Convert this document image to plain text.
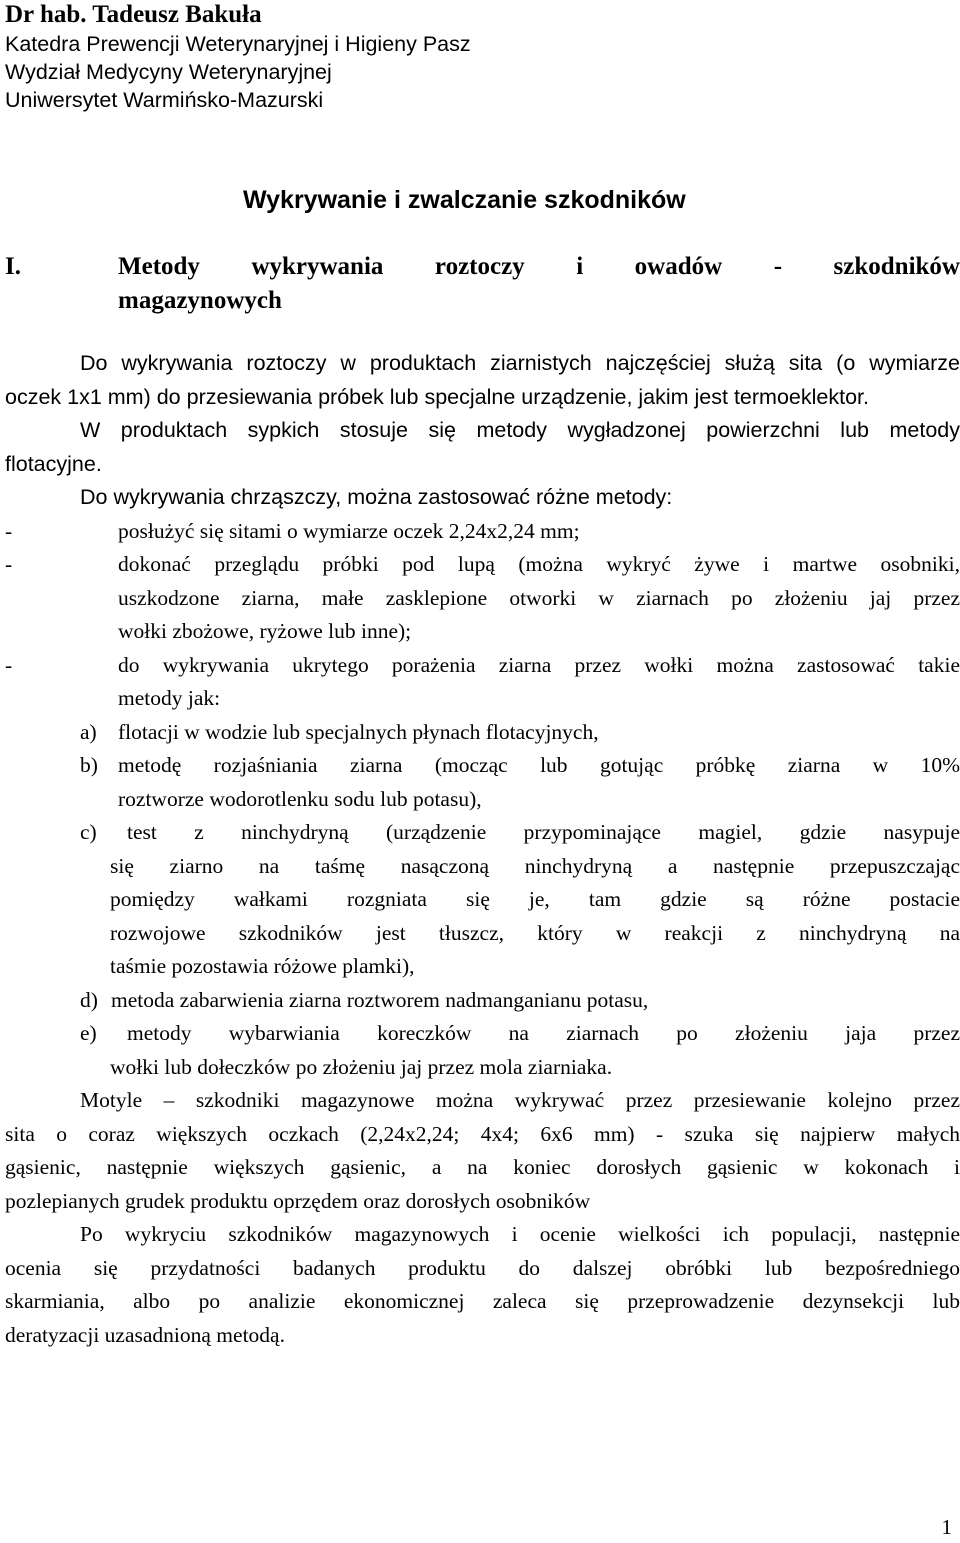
Dr hab. Tadeusz Bakuła

Katedra Prewencji Weterynaryjnej i Higieny Pasz

Wydział Medycyny Weterynaryjnej

Uniwersytet Warmińsko-Mazurski

Wykrywanie i zwalczanie szkodników

I.	Metody wykrywania roztoczy i owadów - szkodników
magazynowych
Do wykrywania roztoczy w produktach ziarnistych najczęściej służą sita (o wymiarze
oczek 1x1 mm) do przesiewania próbek lub specjalne urządzenie, jakim jest termoeklektor.
W produktach sypkich stosuje się metody wygładzonej powierzchni lub metody
flotacyjne.
Do wykrywania chrząszczy, można zastosować różne metody:
-	posłużyć się sitami o wymiarze oczek 2,24x2,24 mm;
-	dokonać przeglądu próbki pod lupą (można wykryć żywe i martwe osobniki,
uszkodzone ziarna, małe zasklepione otworki w ziarnach po złożeniu jaj przez
wołki zbożowe, ryżowe lub inne);
-	do wykrywania ukrytego porażenia ziarna przez wołki można zastosować takie
metody jak:
a) flotacji w wodzie lub specjalnych płynach flotacyjnych,
b) metodę rozjaśniania ziarna (mocząc lub gotując próbkę ziarna w 10%
roztworze wodorotlenku sodu lub potasu),
c) test z ninchydryną (urządzenie przypominające magiel, gdzie nasypuje
się ziarno na taśmę nasączoną ninchydryną a następnie przepuszczając
pomiędzy wałkami rozgniata się je, tam gdzie są różne postacie
rozwojowe szkodników jest tłuszcz, który w reakcji z ninchydryną na
taśmie pozostawia różowe plamki),
d) metoda zabarwienia ziarna roztworem nadmanganianu potasu,
e) metody wybarwiania koreczków na ziarnach po złożeniu jaja przez
wołki lub dołeczków po złożeniu jaj przez mola ziarniaka.
Motyle – szkodniki magazynowe można wykrywać przez przesiewanie kolejno przez
sita o coraz większych oczkach (2,24x2,24; 4x4; 6x6 mm) - szuka się najpierw małych
gąsienic, następnie większych gąsienic, a na koniec dorosłych gąsienic w kokonach i
pozlepianych grudek produktu oprzędem oraz dorosłych osobników
Po wykryciu szkodników magazynowych i ocenie wielkości ich populacji, następnie
ocenia się przydatności badanych produktu do dalszej obróbki lub bezpośredniego
skarmiania, albo po analizie ekonomicznej zaleca się przeprowadzenie dezynsekcji lub
deratyzacji uzasadnioną metodą.
1
